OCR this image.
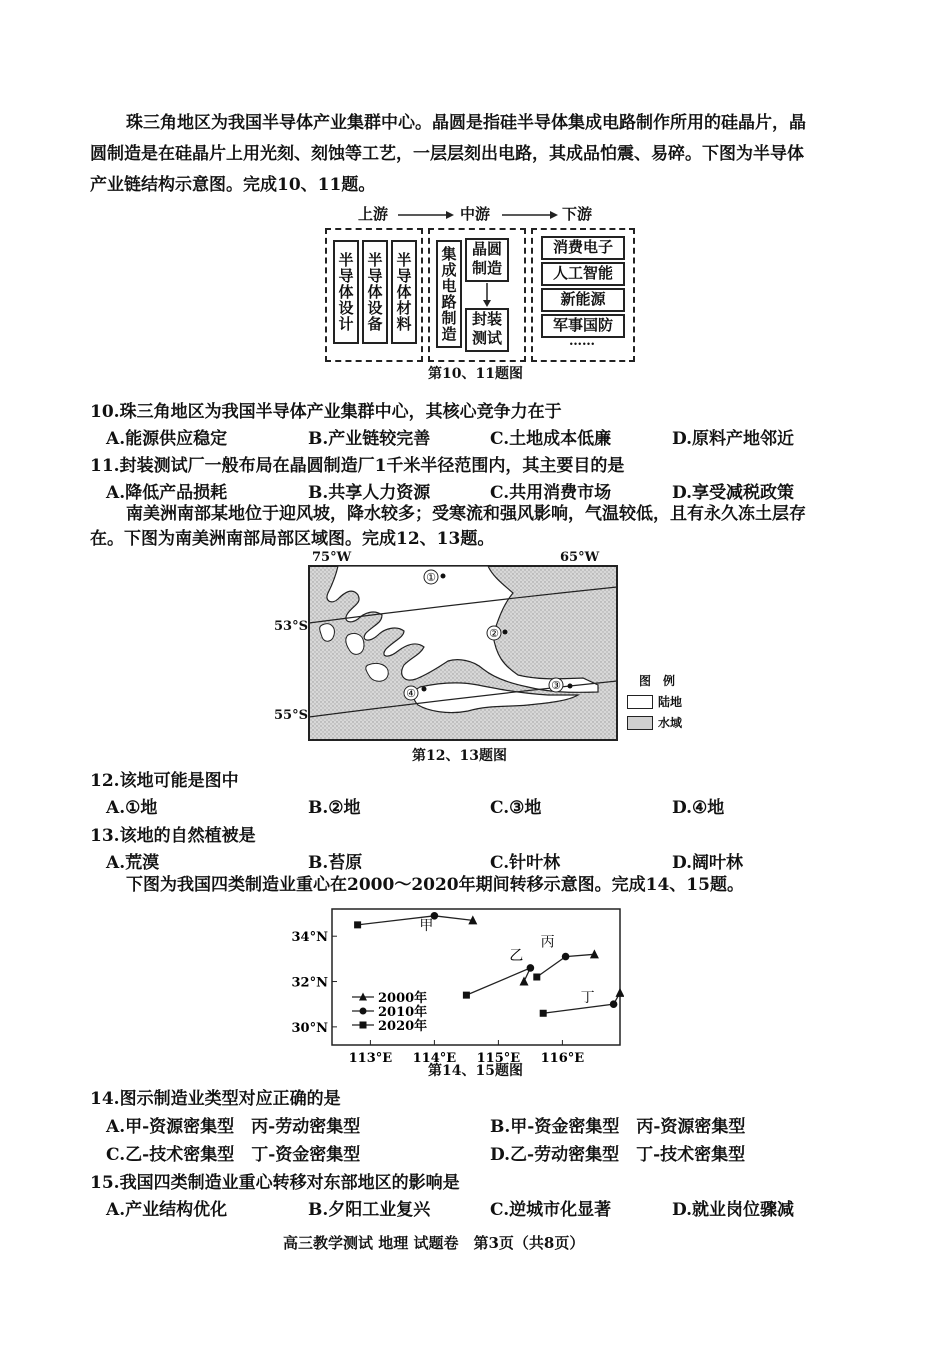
珠三角地区为我国半导体产业集群中心。晶圆是指硅半导体集成电路制作所用的硅晶片，晶
圆制造是在硅晶片上用光刻、刻蚀等工艺，一层层刻出电路，其成品怕震、易碎。下图为半导体
产业链结构示意图。完成10、11题。
上游	中游	下游
半导体设计 半导体设备 半导体材料	集成电路制造 晶圆制造
封装测试
消费电子
人工智能
新能源
军事国防
……
第10、11题图
10.珠三角地区为我国半导体产业集群中心，其核心竞争力在于
A.能源供应稳定	B.产业链较完善	C.土地成本低廉	D.原料产地邻近
11.封装测试厂一般布局在晶圆制造厂1千米半径范围内，其主要目的是
A.降低产品损耗	B.共享人力资源	C.共用消费市场	D.享受减税政策
南美洲南部某地位于迎风坡，降水较多；受寒流和强风影响，气温较低，且有永久冻土层存
在。下图为南美洲南部局部区域图。完成12、13题。
75°W	65°W
53°S
55°S
①
②
③
④
图　例
陆地
水域
第12、13题图
12.该地可能是图中
A.①地	B.②地	C.③地	D.④地
13.该地的自然植被是
A.荒漠	B.苔原	C.针叶林	D.阔叶林
下图为我国四类制造业重心在2000～2020年期间转移示意图。完成14、15题。
113°E 114°E 115°E 116°E
30°N
32°N
34°N
甲
乙
丙
丁
2000年
2010年
2020年
第14、15题图
14.图示制造业类型对应正确的是
A.甲-资源密集型　丙-劳动密集型	B.甲-资金密集型　丙-资源密集型
C.乙-技术密集型　丁-资金密集型	D.乙-劳动密集型　丁-技术密集型
15.我国四类制造业重心转移对东部地区的影响是
A.产业结构优化	B.夕阳工业复兴	C.逆城市化显著	D.就业岗位骤减
高三教学测试 地理 试题卷　第3页（共8页）
